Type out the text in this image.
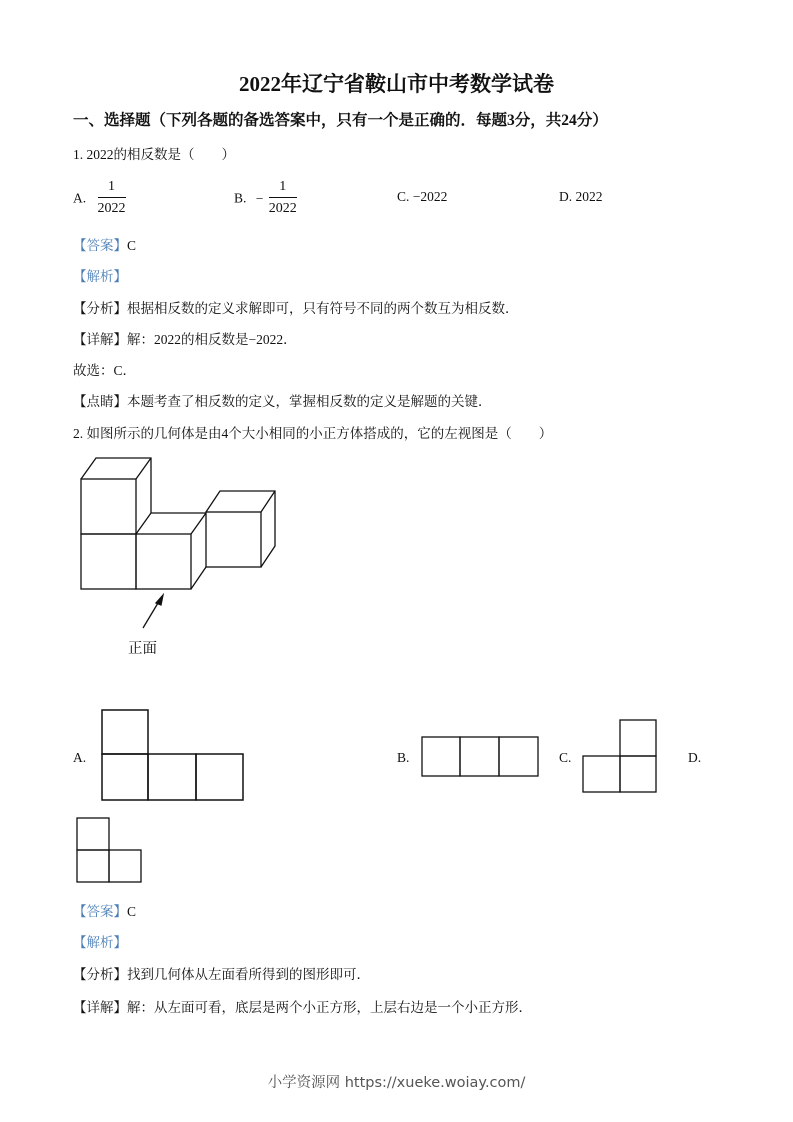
2022年辽宁省鞍山市中考数学试卷
一、选择题（下列各题的备选答案中，只有一个是正确的．每题3分，共24分）
1. 2022的相反数是（　　）
A. $\frac{1}{2022}$	B. − $\frac{1}{2022}$	C. −2022	D. 2022
【答案】C
【解析】
【分析】根据相反数的定义求解即可，只有符号不同的两个数互为相反数．
【详解】解：2022的相反数是−2022．
故选：C．
【点睛】本题考查了相反数的定义，掌握相反数的定义是解题的关键．
2. 如图所示的几何体是由4个大小相同的小正方体搭成的，它的左视图是（　　）
正面
A.	B.	C.	D.
【答案】C
【解析】
【分析】找到几何体从左面看所得到的图形即可．
【详解】解：从左面可看，底层是两个小正方形，上层右边是一个小正方形．
小学资源网 https://xueke.woiay.com/
